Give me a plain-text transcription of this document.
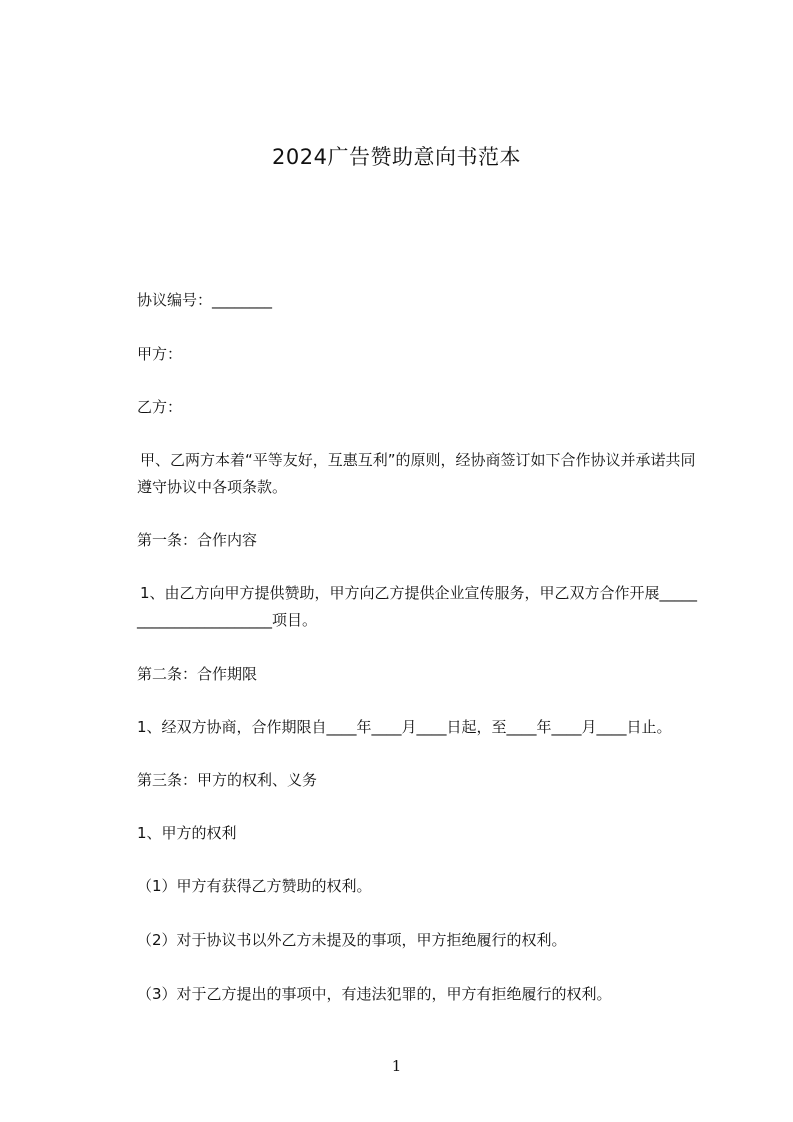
2024广告赞助意向书范本
协议编号：________
甲方：
乙方：
甲、乙两方本着“平等友好，互惠互利”的原则，经协商签订如下合作协议并承诺共同遵守协议中各项条款。
第一条：合作内容
1、由乙方向甲方提供赞助，甲方向乙方提供企业宣传服务，甲乙双方合作开展_______________________项目。
第二条：合作期限
1、经双方协商，合作期限自____年____月____日起，至____年____月____日止。
第三条：甲方的权利、义务
1、甲方的权利
（1）甲方有获得乙方赞助的权利。
（2）对于协议书以外乙方未提及的事项，甲方拒绝履行的权利。
（3）对于乙方提出的事项中，有违法犯罪的，甲方有拒绝履行的权利。
1
